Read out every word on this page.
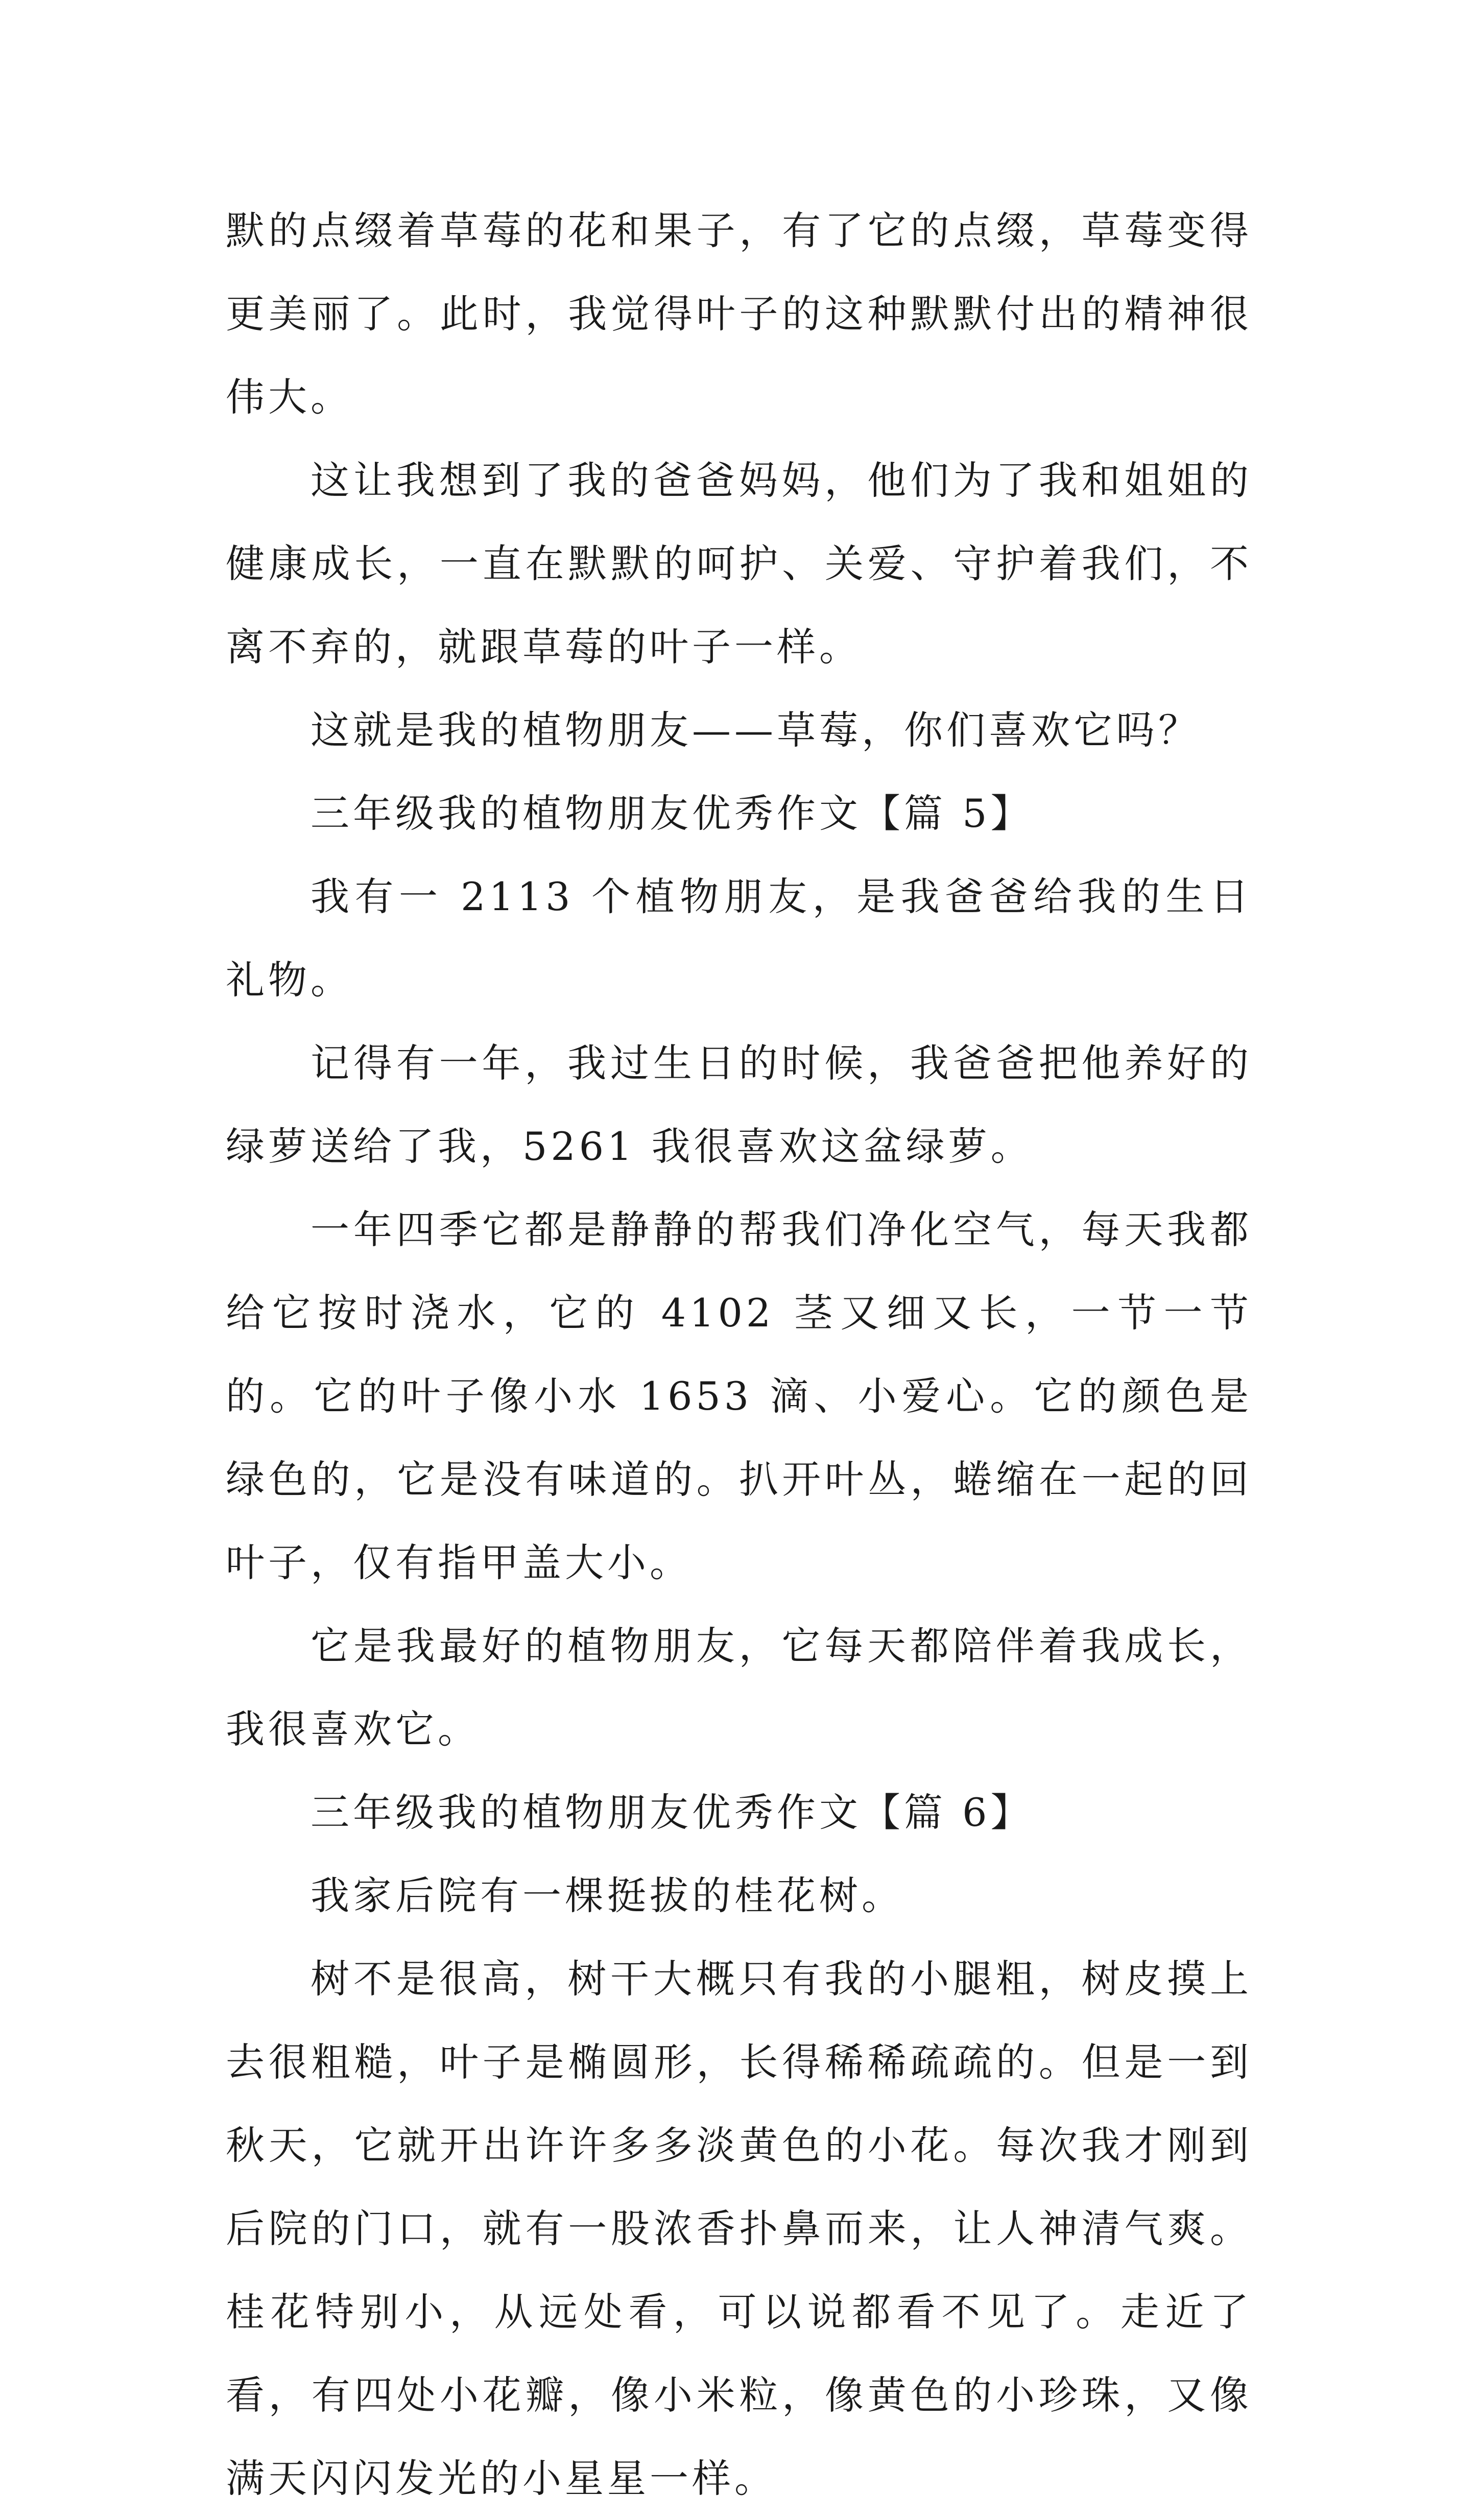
默的点缀着草莓的花和果子，有了它的点缀，草莓变得更美丽了。此时，我觉得叶子的这种默默付出的精神很伟大。

这让我想到了我的爸爸妈妈，他们为了我和姐姐的健康成长，一直在默默的呵护、关爱、守护着我们，不离不弃的，就跟草莓的叶子一样。

这就是我的植物朋友——草莓，你们喜欢它吗？

三年级我的植物朋友优秀作文【篇 5】

我有一 2113 个植物朋友，是我爸爸给我的生日礼物。

记得有一年，我过生日的时候，我爸爸把他养好的绿萝送给了我，5261 我很喜欢这盆绿萝。

一年四季它都是静静的帮我们净化空气，每天我都给它按时浇水，它的 4102 茎又细又长，一节一节的。它的叶子像小水 1653 滴、小爱心。它的颜色是绿色的，它是没有味道的。扒开叶丛，蜷缩在一起的回叶子，仅有指甲盖大小。

它是我最好的植物朋友，它每天都陪伴着我成长，我很喜欢它。

三年级我的植物朋友优秀作文【篇 6】

我家后院有一棵挺拔的桂花树。

树不是很高，树干大概只有我的小腿粗，树皮摸上去很粗糙，叶子是椭圆形，长得稀稀疏疏的。但是一到秋天，它就开出许许多多淡黄色的小花。每次我才刚到后院的门口，就有一股浓香扑鼻而来，让人神清气爽。桂花特别小，从远处看，可以说都看不见了。走近了看，有四处小花瓣，像小米粒，像黄色的小珍珠，又像满天闪闪发光的小星星一样。
